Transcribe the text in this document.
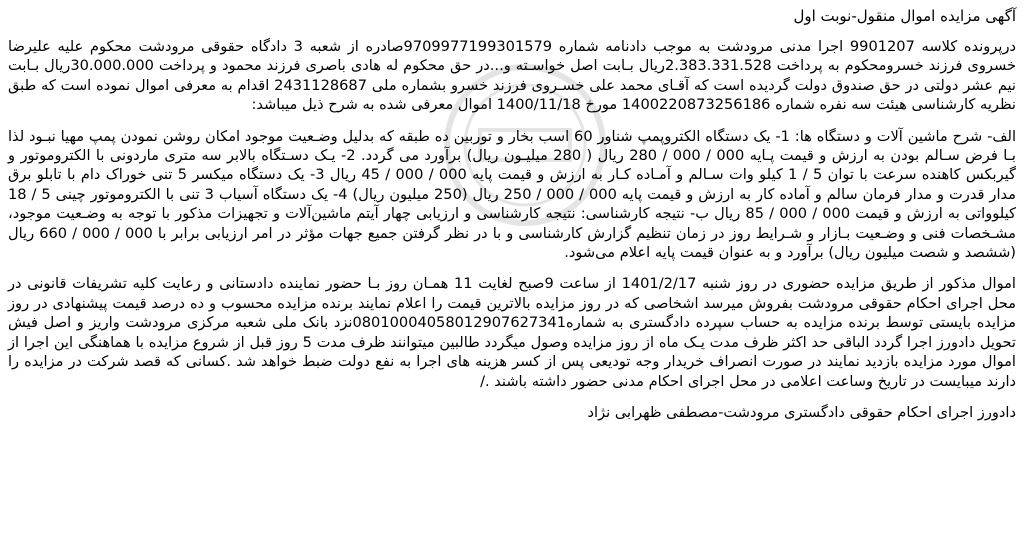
آگهی مزایده اموال منقول-نوبت اول

درپرونده کلاسه 9901207 اجرا مدنی مرودشت به موجب دادنامه شماره 9709977199301579صادره از شعبه 3 دادگاه حقوقی مرودشت محکوم علیه علیرضا خسروی فرزند خسرومحکوم به پرداخت 2.383.331.528ریال بـابت اصل خواسـته و...در حق محکوم له هادی باصری فرزند محمود و پرداخت 30.000.000ریال بـابت نیم عشر دولتی در حق صندوق دولت گردیده است که آقـای محمد علی خسـروی فرزند خسرو بشماره ملی 2431128687 اقدام به معرفی اموال نموده است که طبق نظریه کارشناسی هیئت سه نفره شماره 140022087325618​6 مورخ 1400/11/18 اموال معرفی شده به شرح ذیل میباشد:

الف- شرح ماشین آلات و دستگاه ها: 1- یک دستگاه الکتروپمپ شناور 60 اسب بخار و توربین ده طبقه که بدلیل وضـعیت موجود امکان روشن نمودن پمپ مهیا نبـود لذا بـا فرض سـالم بودن به ارزش و قیمت پـایه 000 / 000 / 280 ریال ( 280 میلیـون ریال) برآورد می گردد. 2- یـک دسـتگاه بالابر سه متری ماردونی با الکتروموتور و گیربکس کاهنده سرعت با توان 5 / 1 کیلو وات سـالم و آمـاده کـار به ارزش و قیمت پایه 000 / 000 / 45 ریال 3- یک دستگاه میکسر 5 تنی خوراک دام با تابلو برق مدار قدرت و مدار فرمان سالم و آماده کار به ارزش و قیمت پایه 000 / 000 / 250 ریال (250 میلیون ریال) 4- یک دستگاه آسیاب 3 تنی با الکتروموتور چینی 5 / 18 کیلوواتی به ارزش و قیمت 000 / 000 / 85 ریال ب- نتیجه کارشناسی: نتیجه کارشناسی و ارزیابی چهار آیتم ماشین‌آلات و تجهیزات مذکور با توجه به وضـعیت موجود، مشـخصات فنی و وضـعیت بـازار و شـرایط روز در زمان تنظیم گزارش کارشناسی و با در نظر گرفتن جمیع جهات مؤثر در امر ارزیابی برابر با 000 / 000 / 660 ریال (ششصد و شصت میلیون ریال) برآورد و به عنوان قیمت پایه اعلام می‌شود.

اموال مذکور از طریق مزایده حضوری در روز شنبه 1401/2/17 از ساعت 9صبح لغایت 11 همـان روز بـا حضور نماینده دادستانی و رعایت کلیه تشریفات قانونی در محل اجرای احکام حقوقی مرودشت بفروش میرسد اشخاصی که در روز مزایده بالاترین قیمت را اعلام نمایند برنده مزایده محسوب و ده درصد قیمت پیشنهادی در روز مزایده بایستی توسط برنده مزایده به حساب سپرده دادگستری به شماره0801000405801290762734​1نزد بانک ملی شعبه مرکزی مرودشت واریز و اصل فیش تحویل دادورز اجرا گردد الباقی حد اکثر ظرف مدت یـک ماه از روز مزایده وصول میگردد طالبین میتوانند ظرف مدت 5 روز قبل از شروع مزایده با هماهنگی این اجرا از اموال مورد مزایده بازدید نمایند در صورت انصراف خریدار وجه تودیعی پس از کسر هزینه های اجرا به نفع دولت ضبط خواهد شد .کسانی که قصد شرکت در مزایده را دارند میبایست در تاریخ وساعت اعلامی در محل اجرای احکام مدنی حضور داشته باشند ./

دادورز اجرای احکام حقوقی دادگستری مرودشت-مصطفی ظهرابی نژاد
